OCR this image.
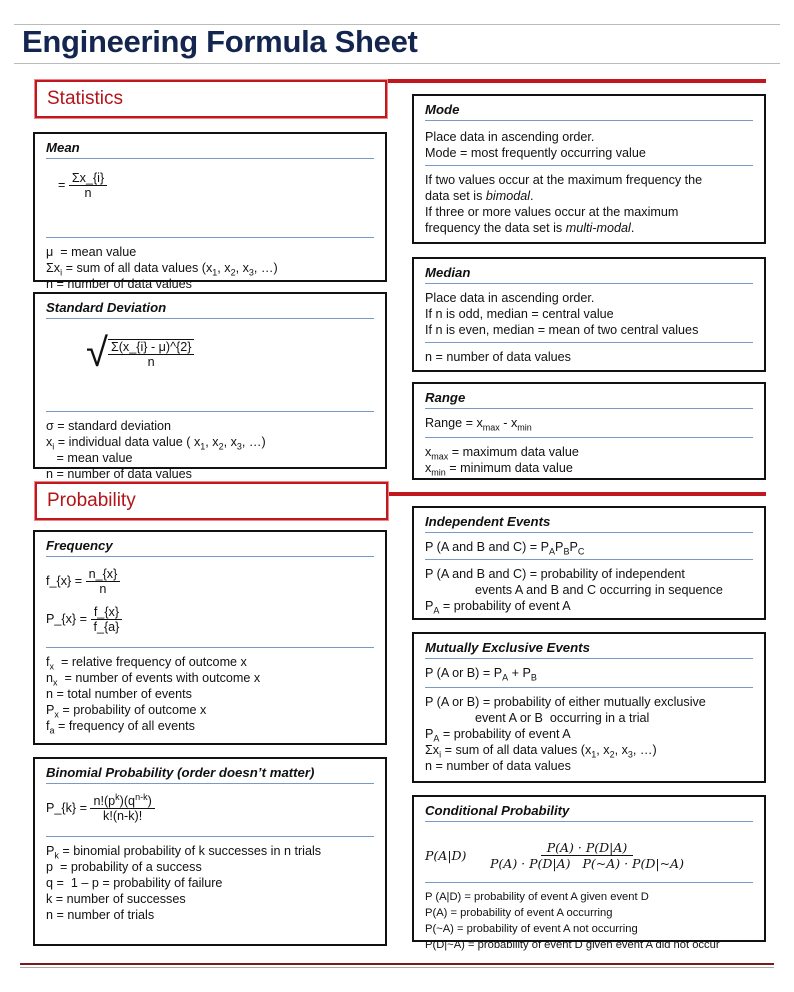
Engineering Formula Sheet
Statistics
Mean
= $\frac{\Sigma x\_\{i\}}{n}$
μ  = mean value
$\Sigma x_i$ = sum of all data values ($x_1$, $x_2$, $x_3$, …)
n = number of data values
Standard Deviation
√ $\frac{\Sigma(x\_\{i\} - \mu)\^{}\{2\}}{n}$
σ = standard deviation
$x_i$ = individual data value ( $x_1$, $x_2$, $x_3$, …)
= mean value
n = number of data values
Mode
Place data in ascending order.
Mode = most frequently occurring value
If two values occur at the maximum frequency the
data set is bimodal.
If three or more values occur at the maximum
frequency the data set is multi-modal.
Median
Place data in ascending order.
If n is odd, median = central value
If n is even, median = mean of two central values
n = number of data values
Range
Range = $x_{max} - x_{min}$
$x_{max}$ = maximum data value
$x_{min}$ = minimum data value
Probability
Independent Events
P (A and B and $C) = P_AP_BP_C$
P (A and B and C) = probability of independent
events A and B and C occurring in sequence
$P_A$ = probability of event A
Frequency
f_{x} = $\frac{n\_\{x\}}{n}$
P_{x} = $\frac{f\_\{x\}}{f\_\{a\}}$
$f_x$  = relative frequency of outcome x
$n_x$  = number of events with outcome x
n = total number of events
$P_x$ = probability of outcome x
$f_a$ = frequency of all events
Mutually Exclusive Events
P (A or $B) = P_A + P_B$
P (A or B) = probability of either mutually exclusive
event A or B  occurring in a trial
$P_A$ = probability of event A
$\Sigma x_i$ = sum of all data values ($x_1$, $x_2$, $x_3$, …)
n = number of data values
Binomial Probability (order doesn’t matter)
P_{k} = $\frac{n!(p^k)(q^{n-k})}{k!(n-k)!}$
$P_k$ = binomial probability of k successes in n trials
p  = probability of a success
q =  1 – p = probability of failure
k = number of successes
n = number of trials
Conditional Probability
P(A|D)	$\frac{P(A) \cdot P(D|A)}{P(A) \cdot P(D|A) P(\sim A) \cdot P(D|\sim A)}$
P (A|D) = probability of event A given event D
P(A) = probability of event A occurring
P(~A) = probability of event A not occurring
P(D|~A) = probability of event D given event A did not occur
